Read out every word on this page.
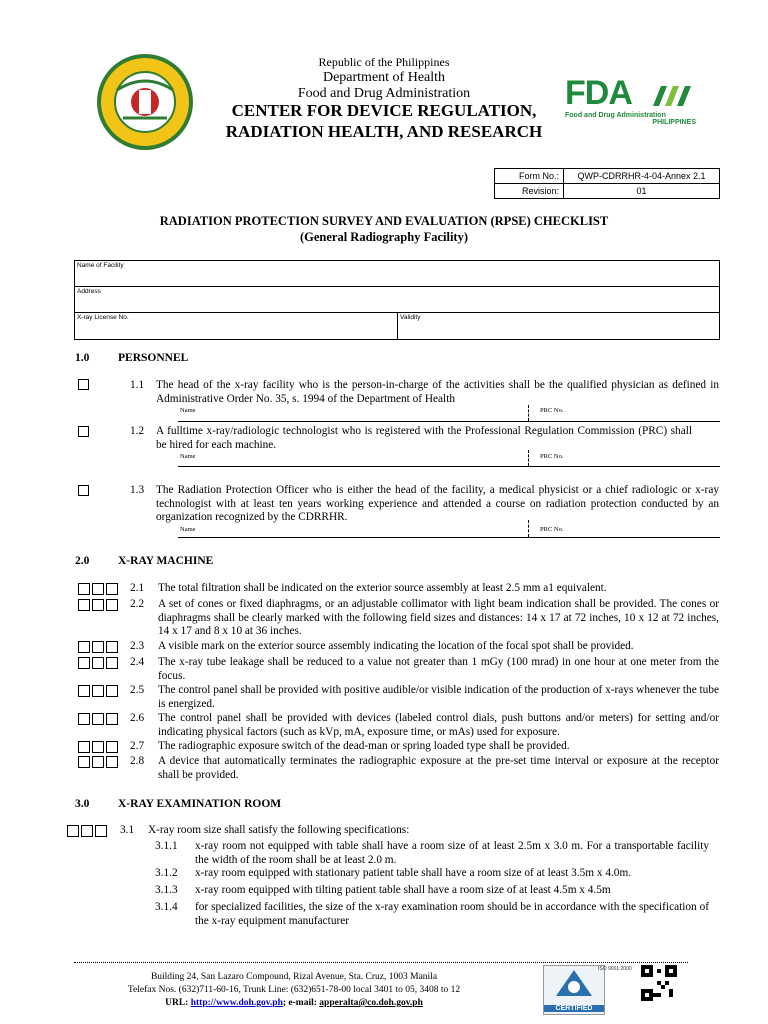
Republic of the Philippines
Department of Health
Food and Drug Administration
CENTER FOR DEVICE REGULATION,
RADIATION HEALTH, AND RESEARCH
FDA
Food and Drug Administration
PHILIPPINES
Form No.:	QWP-CDRRHR-4-04-Annex 2.1
Revision:	01
RADIATION PROTECTION SURVEY AND EVALUATION (RPSE) CHECKLIST
(General Radiography Facility)
Name of Facility
Address
X-ray License No.	Validity
1.0 PERSONNEL
1.1 The head of the x-ray facility who is the person-in-charge of the activities shall be the qualified physician as defined in Administrative Order No. 35, s. 1994 of the Department of Health
Name	PRC No.
1.2 A fulltime x-ray/radiologic technologist who is registered with the Professional Regulation Commission (PRC) shall be hired for each machine.
Name	PRC No.
1.3 The Radiation Protection Officer who is either the head of the facility, a medical physicist or a chief radiologic or x-ray technologist with at least ten years working experience and attended a course on radiation protection conducted by an organization recognized by the CDRRHR.
Name	PRC No.
2.0 X-RAY MACHINE
2.1 The total filtration shall be indicated on the exterior source assembly at least 2.5 mm a1 equivalent.
2.2 A set of cones or fixed diaphragms, or an adjustable collimator with light beam indication shall be provided. The cones or diaphragms shall be clearly marked with the following field sizes and distances: 14 x 17 at 72 inches, 10 x 12 at 72 inches, 14 x 17 and 8 x 10 at 36 inches.
2.3 A visible mark on the exterior source assembly indicating the location of the focal spot shall be provided.
2.4 The x-ray tube leakage shall be reduced to a value not greater than 1 mGy (100 mrad) in one hour at one meter from the focus.
2.5 The control panel shall be provided with positive audible/or visible indication of the production of x-rays whenever the tube is energized.
2.6 The control panel shall be provided with devices (labeled control dials, push buttons and/or meters) for setting and/or indicating physical factors (such as kVp, mA, exposure time, or mAs) used for exposure.
2.7 The radiographic exposure switch of the dead-man or spring loaded type shall be provided.
2.8 A device that automatically terminates the radiographic exposure at the pre-set time interval or exposure at the receptor shall be provided.
3.0 X-RAY EXAMINATION ROOM
3.1 X-ray room size shall satisfy the following specifications:
3.1.1 x-ray room not equipped with table shall have a room size of at least 2.5m x 3.0 m. For a transportable facility the width of the room shall be at least 2.0 m.
3.1.2 x-ray room equipped with stationary patient table shall have a room size of at least 3.5m x 4.0m.
3.1.3 x-ray room equipped with tilting patient table shall have a room size of at least 4.5m x 4.5m
3.1.4 for specialized facilities, the size of the x-ray examination room should be in accordance with the specification of the x-ray equipment manufacturer
Building 24, San Lazaro Compound, Rizal Avenue, Sta. Cruz, 1003 Manila
Telefax Nos. (632)711-60-16, Trunk Line: (632)651-78-00 local 3401 to 05, 3408 to 12
URL: http://www.doh.gov.ph; e-mail: apperalta@co.doh.gov.ph
CERTIFIED
ISO 9001:2000
